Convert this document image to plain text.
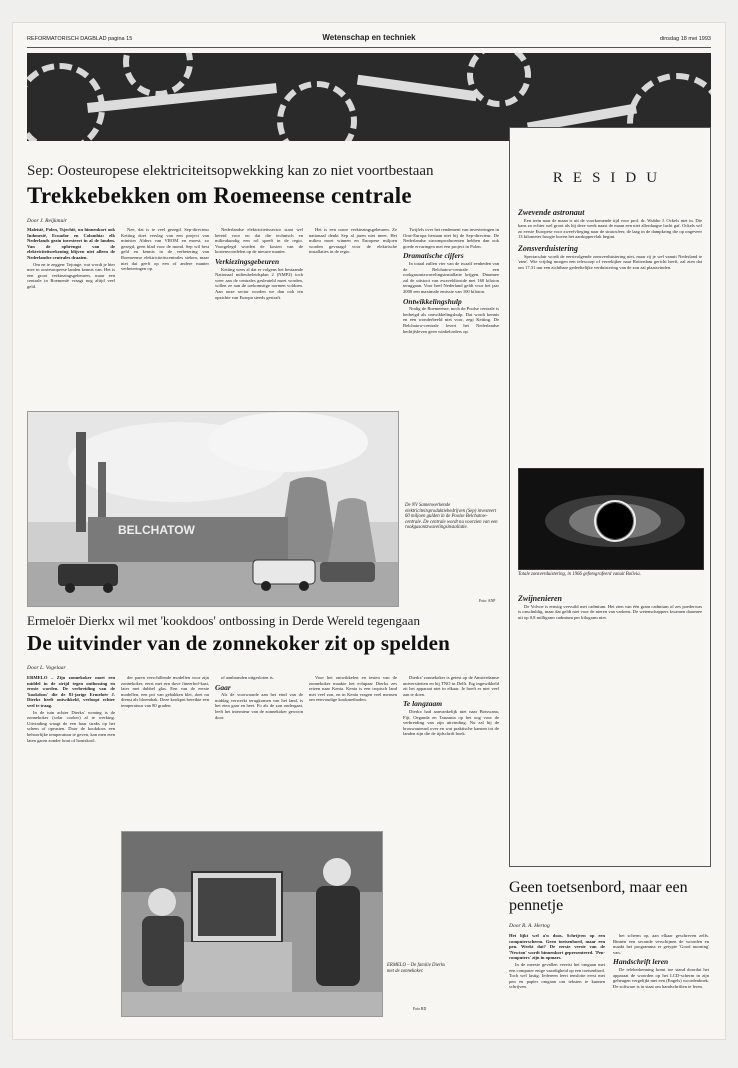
REFORMATORISCH DAGBLAD pagina 15	Wetenschap en techniek	dinsdag 18 mei 1993
Sep: Oosteuropese elektriciteitsopwekking kan zo niet voortbestaan
Trekkebekken om Roemeense centrale
Door J. Reijkmuir

Maleisië, Polen, Tsjechië, un binnenkort ook Indonesië, Ecuador en Colombia: elk Nederlands gezin investeert in al de landen. Van de opbrengst van de elektriciteitsrekening blijven niet alleen de Nederlandse centrales draaien.

Om en te zeggen: Tejonge, wat wordt je hier mee in oosteuropeese landen kennis van. Het is een groot verkiezingsgebeuren, maar een centrale in Roemenië vraagt nog altijd veel geld.

Nee, dat is te veel gezegd. Sep-directeur Ketting doet verslag van een project van minister Alders van VROM en moest, zo gezegd, geen blad voor de mond. Sep wil best geld en kennis in de verbetering van Roemeense elektriciteitscentrales steken, maar niet dat geeft op een of andere manier verbeteringen op.

Nederlandse elektriciteitssector staat wel bereid voor en dat die technisch en milieukundig een rol speelt in de regio. Voorgelegd worden de kosten van de kostenvoordelen op de nieuwe manier.

Verkiezingsgebeuren

Ketting wees al dat er volgens het bestaande Nationaal milieubeleidsplan 2 (NMP2) toch weer aan de centrales gesleuteld moet worden, willen ze aan de toekomstige normen voldoen. Aan onze sector worden we dan ook ten opzichte van Europa steeds gestraft.

Het is een ouwe verkiezingsgebeuren. Ze nationaal denkt Sep al jaren niet meer. Het milieu moet winnen en Europese miljoen worden gevraagd voor de elektrische installaties in de regio.

Twijfels over het rendement van investeringen in Oost-Europa bestaan niet bij de Sep-directeur. De Nederlandse stroomproducenten hebben dan ook goede ervaringen met een project in Polen.

Dramatische cijfers

In totaal zullen vier van de twaalf eenheden van de Belchatow-centrale een rookgasontzwavelingsinstallatie krijgen. Daarmee zal de uitstoot van zwaveldioxide met 160 kiloton teruggaan. Voor heel Nederland geldt voor het jaar 2000 een maximale emissie van 100 kiloton.

Ontwikkelingshulp

Nodig de Roemeense, noch de Poolse centrale is bedreigd als ontwikkelingshulp. Dat wordt kennis en een wonderbeeld niet voor, zegt Ketting. De Belchatow-centrale levert het Nederlandse bedrijfsleven geen winkelorders op.

BELCHATOW
De NV Samenwerkende elektriciteitsproduktiebedrijven (Sep) investeert 60 miljoen gulden in de Poolse Belchatow-centrale. De centrale wordt nu voorzien van een rookgasontzwavelingsinstallatie.
Foto: ANP
Ermeloër Dierkx wil met 'kookdoos' ontbossing in Derde Wereld tegengaan
De uitvinder van de zonnekoker zit op spelden
Door L. Vogelaar

ERMELO – Zijn zonnekoker moet een middel in de strijd tegen ontbossing en erosie worden. De verbreiding van de 'kookdoos' die de 81-jarige Ermeloër J. Dierkx heeft ontwikkeld, verloopt echter veel te traag.

In de tuin achter Dierkx' woning is de zonnekoker (solar cooker) al te werking. Uitvinding waagt de een haar straks op het schem of oprusten. Door de kookdoos een behoorlijke temperatuur te geven, kan men eten laten garen zonder hout of houtskool.

der paren verschillende modellen voor zijn zonnekoker, eerst met een dove fineerhof-kast, later met dubbel glas. Een van de eerste modellen, een pot van gebakken klei, doet nu dienst als bloembak. Deze kookpot bereikte een temperatuur van 80 graden.

of aanbranden uitgesloten is.

Gaar

Als de voorwaarde aan het eind van de middag verwerkt terugkomen van het land, is het eten gaar en heet. Fo als de zon ondergaat, leeft het internieur van de zonnekoker gewoon door.

Voor het ontwikkelen en testen van de zonnekoker maakte het echtpaar Dierkx zes reizen naar Kenia. Kenia is een tropisch land met veel zon, en in Kenia vragen veel mensen om eenvoudige kookmethoden.

Dierkx' zonnekoker is getest op de Amsterdamse universiteiten en bij TNO in Delft. Eig ingewikkeld zit het apparaat niet in elkaar. Je hoeft er niet veel aan te doen.

Te langzaam

Dierkx had aanvankelijk niet naar Botswana, Fiji, Oeganda en Tanzania op het oog voor de verbreiding van zijn uitvinding. Nu zal hij de brouwauteurd over en wat praktische kansen tot de landen zijn die de tijdschrift boek.

ERMELO – De familie Dierkx met de zonnekoker.
Foto RD
RESIDU
Zwevende astronaut

Een trein naar de maan is uit de voorkomende tijd voor prof. dr. Wubbo J. Ockels niet in. Die kans zo echter wel groot als hij deze week naast de maan een niet allerdaagse lucht gaf. Ockels wil zo eerste Europese voor zweefvlieging naar de stratosfeer, de laag in de dampkring die op ongeveer 13 kilometer hoogte boven het aardoppervlak begint.

Zonsverduistering

Spectaculair wordt de eerstvolgende zonsverduistering niet, maar rij je wel vanuit Nederland te 'zien'. Wie vrijdag morgen een telescoop of verrekijker naar Rotterdam gericht heeft, zal zien dat om 17.31 uur een zichtbare gedeeltelijke verduistering van de zon zal plaatsvinden.

Totale zonsverduistering, in 1966 gefotografeerd vanuit Bolivia.
Zwijnenieren

De Volvoe is ernstig vervuild met cadmium. Het zien van één gram cadmium of zes poederwas is onschuldig, maar dat geldt niet voor de nieren van varkens. De wetenschappers kwamen daarmee uit op 0,8 milligram cadmium per kilogram nier.

Geen toetsenbord, maar een pennetje
Door R. A. Hertog

Het lijkt wel a'n doos. Schrijven op een computerscherm. Geen toetsenbord, maar een pen. Werkt dat? De eerste versie van de 'Newton' wordt binnenkort gepresenteerd. 'Pen-computers' zijn in opmars.

In de meeste gevallen vereist het omgaan met een computer enige vaardigheid op een toetsenbord. Toch wel lastig. Iedereen leert tenslotte eerst met pen en papier omgaan om teksten te kunnen schrijven.

het scherm op, aan elkaar geschreven zelfs. Binnen een seconde verschijnen de woorden en maakt het programma er getypte 'Good morning' van.

Handschrift leren

De teleherkenning komt toe stand doordat het apparaat de woorden op het LCD-scherm in zijn geheugen vergelijkt met een (Engels) woordenboek. De software is in staat om handschriften te leren.
